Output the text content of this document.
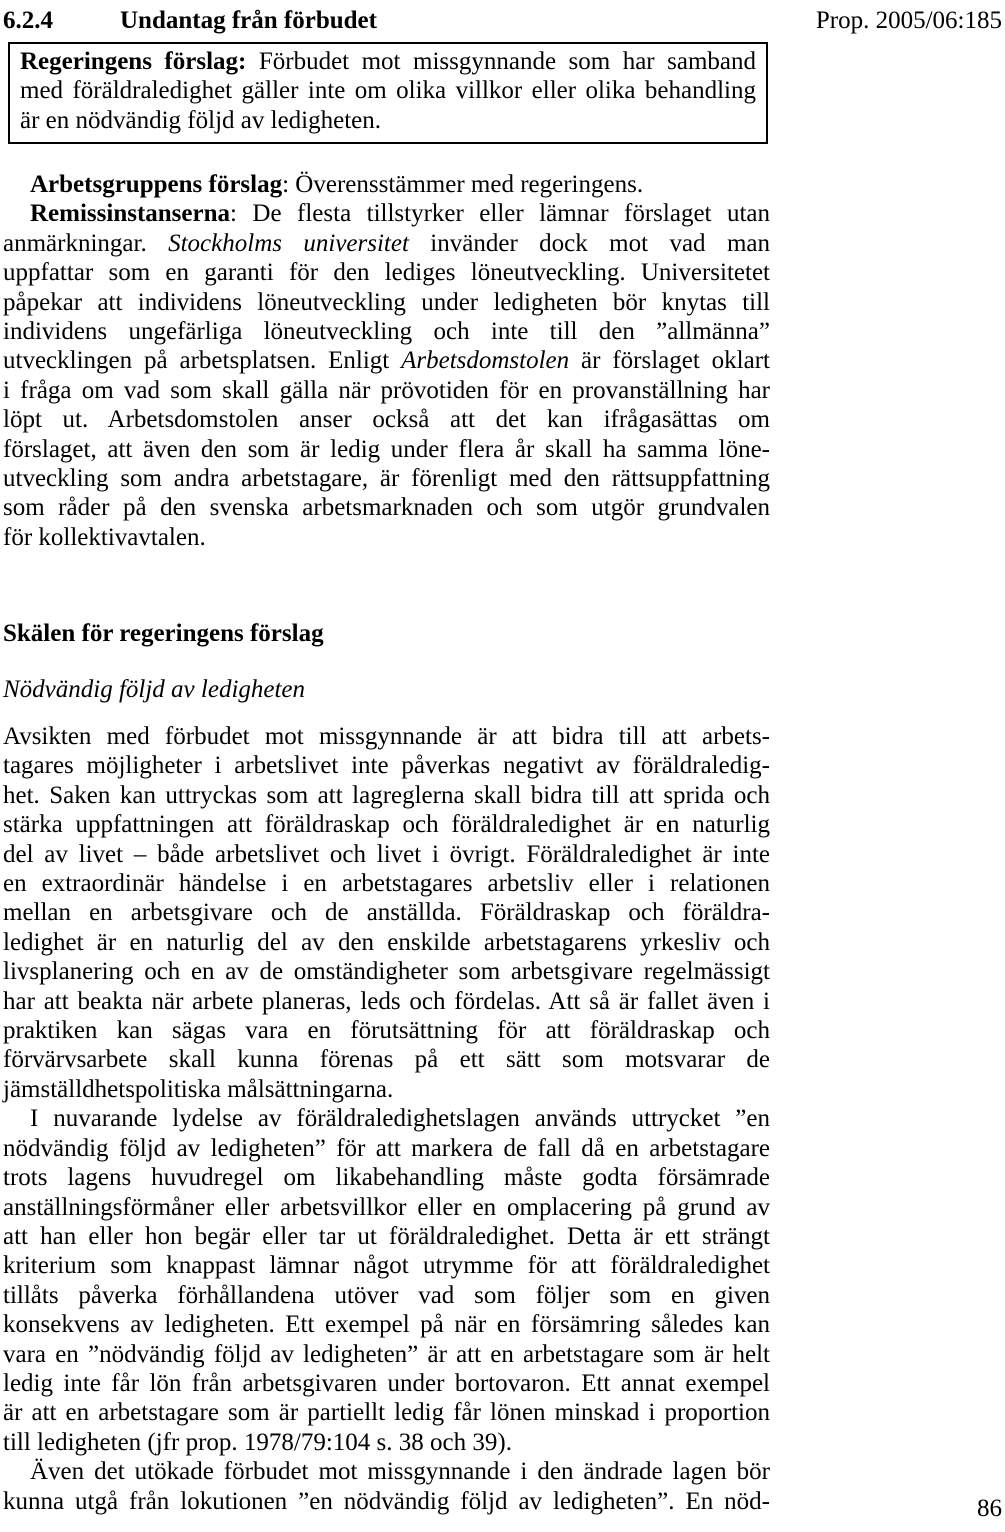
6.2.4	Undantag från förbudet	Prop. 2005/06:185
Regeringens förslag: Förbudet mot missgynnande som har samband
med föräldraledighet gäller inte om olika villkor eller olika behandling
är en nödvändig följd av ledigheten.
Arbetsgruppens förslag: Överensstämmer med regeringens.
Remissinstanserna: De flesta tillstyrker eller lämnar förslaget utan
anmärkningar. Stockholms universitet invänder dock mot vad man
uppfattar som en garanti för den lediges löneutveckling. Universitetet
påpekar att individens löneutveckling under ledigheten bör knytas till
individens ungefärliga löneutveckling och inte till den ”allmänna”
utvecklingen på arbetsplatsen. Enligt Arbetsdomstolen är förslaget oklart
i fråga om vad som skall gälla när prövotiden för en provanställning har
löpt ut. Arbetsdomstolen anser också att det kan ifrågasättas om
förslaget, att även den som är ledig under flera år skall ha samma löne-
utveckling som andra arbetstagare, är förenligt med den rättsuppfattning
som råder på den svenska arbetsmarknaden och som utgör grundvalen
för kollektivavtalen.
Skälen för regeringens förslag
Nödvändig följd av ledigheten
Avsikten med förbudet mot missgynnande är att bidra till att arbets-
tagares möjligheter i arbetslivet inte påverkas negativt av föräldraledig-
het. Saken kan uttryckas som att lagreglerna skall bidra till att sprida och
stärka uppfattningen att föräldraskap och föräldraledighet är en naturlig
del av livet – både arbetslivet och livet i övrigt. Föräldraledighet är inte
en extraordinär händelse i en arbetstagares arbetsliv eller i relationen
mellan en arbetsgivare och de anställda. Föräldraskap och föräldra-
ledighet är en naturlig del av den enskilde arbetstagarens yrkesliv och
livsplanering och en av de omständigheter som arbetsgivare regelmässigt
har att beakta när arbete planeras, leds och fördelas. Att så är fallet även i
praktiken kan sägas vara en förutsättning för att föräldraskap och
förvärvsarbete skall kunna förenas på ett sätt som motsvarar de
jämställdhetspolitiska målsättningarna.
I nuvarande lydelse av föräldraledighetslagen används uttrycket ”en
nödvändig följd av ledigheten” för att markera de fall då en arbetstagare
trots lagens huvudregel om likabehandling måste godta försämrade
anställningsförmåner eller arbetsvillkor eller en omplacering på grund av
att han eller hon begär eller tar ut föräldraledighet. Detta är ett strängt
kriterium som knappast lämnar något utrymme för att föräldraledighet
tillåts påverka förhållandena utöver vad som följer som en given
konsekvens av ledigheten. Ett exempel på när en försämring således kan
vara en ”nödvändig följd av ledigheten” är att en arbetstagare som är helt
ledig inte får lön från arbetsgivaren under bortovaron. Ett annat exempel
är att en arbetstagare som är partiellt ledig får lönen minskad i proportion
till ledigheten (jfr prop. 1978/79:104 s. 38 och 39).
Även det utökade förbudet mot missgynnande i den ändrade lagen bör
kunna utgå från lokutionen ”en nödvändig följd av ledigheten”. En nöd-	86
